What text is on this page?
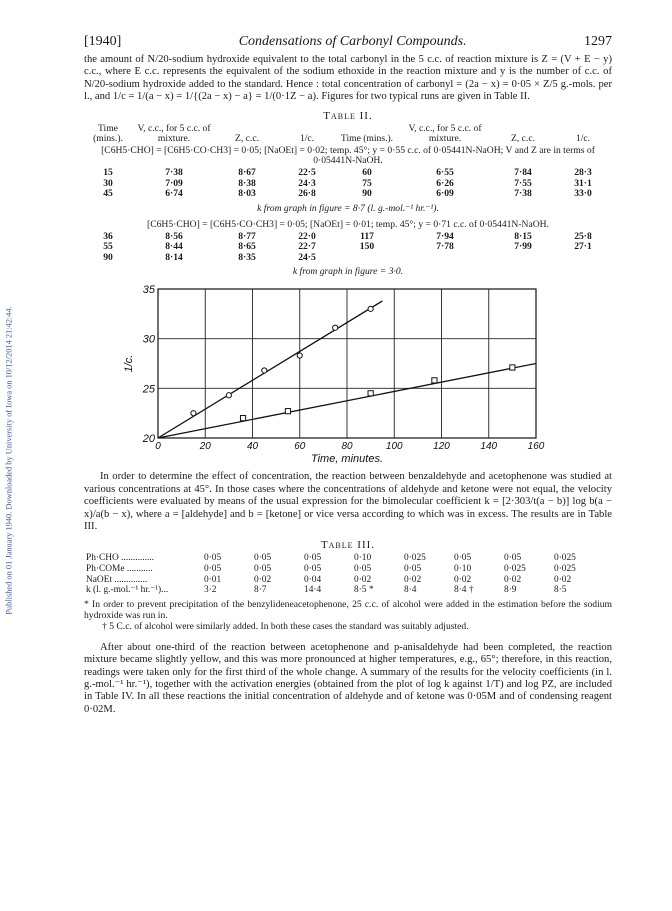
Published on 01 January 1940. Downloaded by University of Iowa on 10/12/2014 21:42:44.
[1940]	Condensations of Carbonyl Compounds.	1297

the amount of N/20-sodium hydroxide equivalent to the total carbonyl in the 5 c.c. of reaction mixture is Z = (V + E − y) c.c., where E c.c. represents the equivalent of the sodium ethoxide in the reaction mixture and y is the number of c.c. of N/20-sodium hydroxide added to the standard. Hence : total concentration of carbonyl = (2a − x) = 0·05 × Z/5 g.-mols. per l., and 1/c = 1/(a − x) = 1/{(2a − x) − a} = 1/(0·1Z − a). Figures for two typical runs are given in Table II.

Table II.
Time (mins.).	V, c.c., for 5 c.c. of mixture.	Z, c.c.	1/c.	Time (mins.).	V, c.c., for 5 c.c. of mixture.	Z, c.c.	1/c.
[C6H5·CHO] = [C6H5·CO·CH3] = 0·05; [NaOEt] = 0·02; temp. 45°; y = 0·55 c.c. of 0·05441N-NaOH; V and Z are in terms of 0·05441N-NaOH.
15	7·38	8·67	22·5	60	6·55	7·84	28·3
30	7·09	8·38	24·3	75	6·26	7·55	31·1
45	6·74	8·03	26·8	90	6·09	7·38	33·0
k from graph in figure = 8·7 (l. g.-mol.⁻¹ hr.⁻¹).
[C6H5·CHO] = [C6H5·CO·CH3] = 0·05; [NaOEt] = 0·01; temp. 45°; y = 0·71 c.c. of 0·05441N-NaOH.
36	8·56	8·77	22·0	117	7·94	8·15	25·8
55	8·44	8·65	22·7	150	7·78	7·99	27·1
90	8·14	8·35	24·5				
k from graph in figure = 3·0.
0	20	40	60	80	100	120	140	160
20
25
30
35
Time, minutes.
1/c.

In order to determine the effect of concentration, the reaction between benzaldehyde and acetophenone was studied at various concentrations at 45°. In those cases where the concentrations of aldehyde and ketone were not equal, the velocity coefficients were evaluated by means of the usual expression for the bimolecular coefficient k = [2·303/t(a − b)] log b(a − x)/a(b − x), where a = [aldehyde] and b = [ketone] or vice versa according to which was in excess. The results are in Table III.

Table III.
Ph·CHO ..............	0·05	0·05	0·05	0·10	0·025	0·05	0·05	0·025
Ph·COMe ...........	0·05	0·05	0·05	0·05	0·05	0·10	0·025	0·025
NaOEt ..............	0·01	0·02	0·04	0·02	0·02	0·02	0·02	0·02
k (l. g.-mol.⁻¹ hr.⁻¹)...	3·2	8·7	14·4	8·5 *	8·4	8·4 †	8·9	8·5

* In order to prevent precipitation of the benzylideneacetophenone, 25 c.c. of alcohol were added in the estimation before the sodium hydroxide was run in.

† 5 C.c. of alcohol were similarly added. In both these cases the standard was suitably adjusted.

After about one-third of the reaction between acetophenone and p-anisaldehyde had been completed, the reaction mixture became slightly yellow, and this was more pronounced at higher temperatures, e.g., 65°; therefore, in this reaction, readings were taken only for the first third of the whole change. A summary of the results for the velocity coefficients (in l. g.-mol.⁻¹ hr.⁻¹), together with the activation energies (obtained from the plot of log k against 1/T) and log PZ, are included in Table IV. In all these reactions the initial concentration of aldehyde and of ketone was 0·05M and of condensing reagent 0·02M.
